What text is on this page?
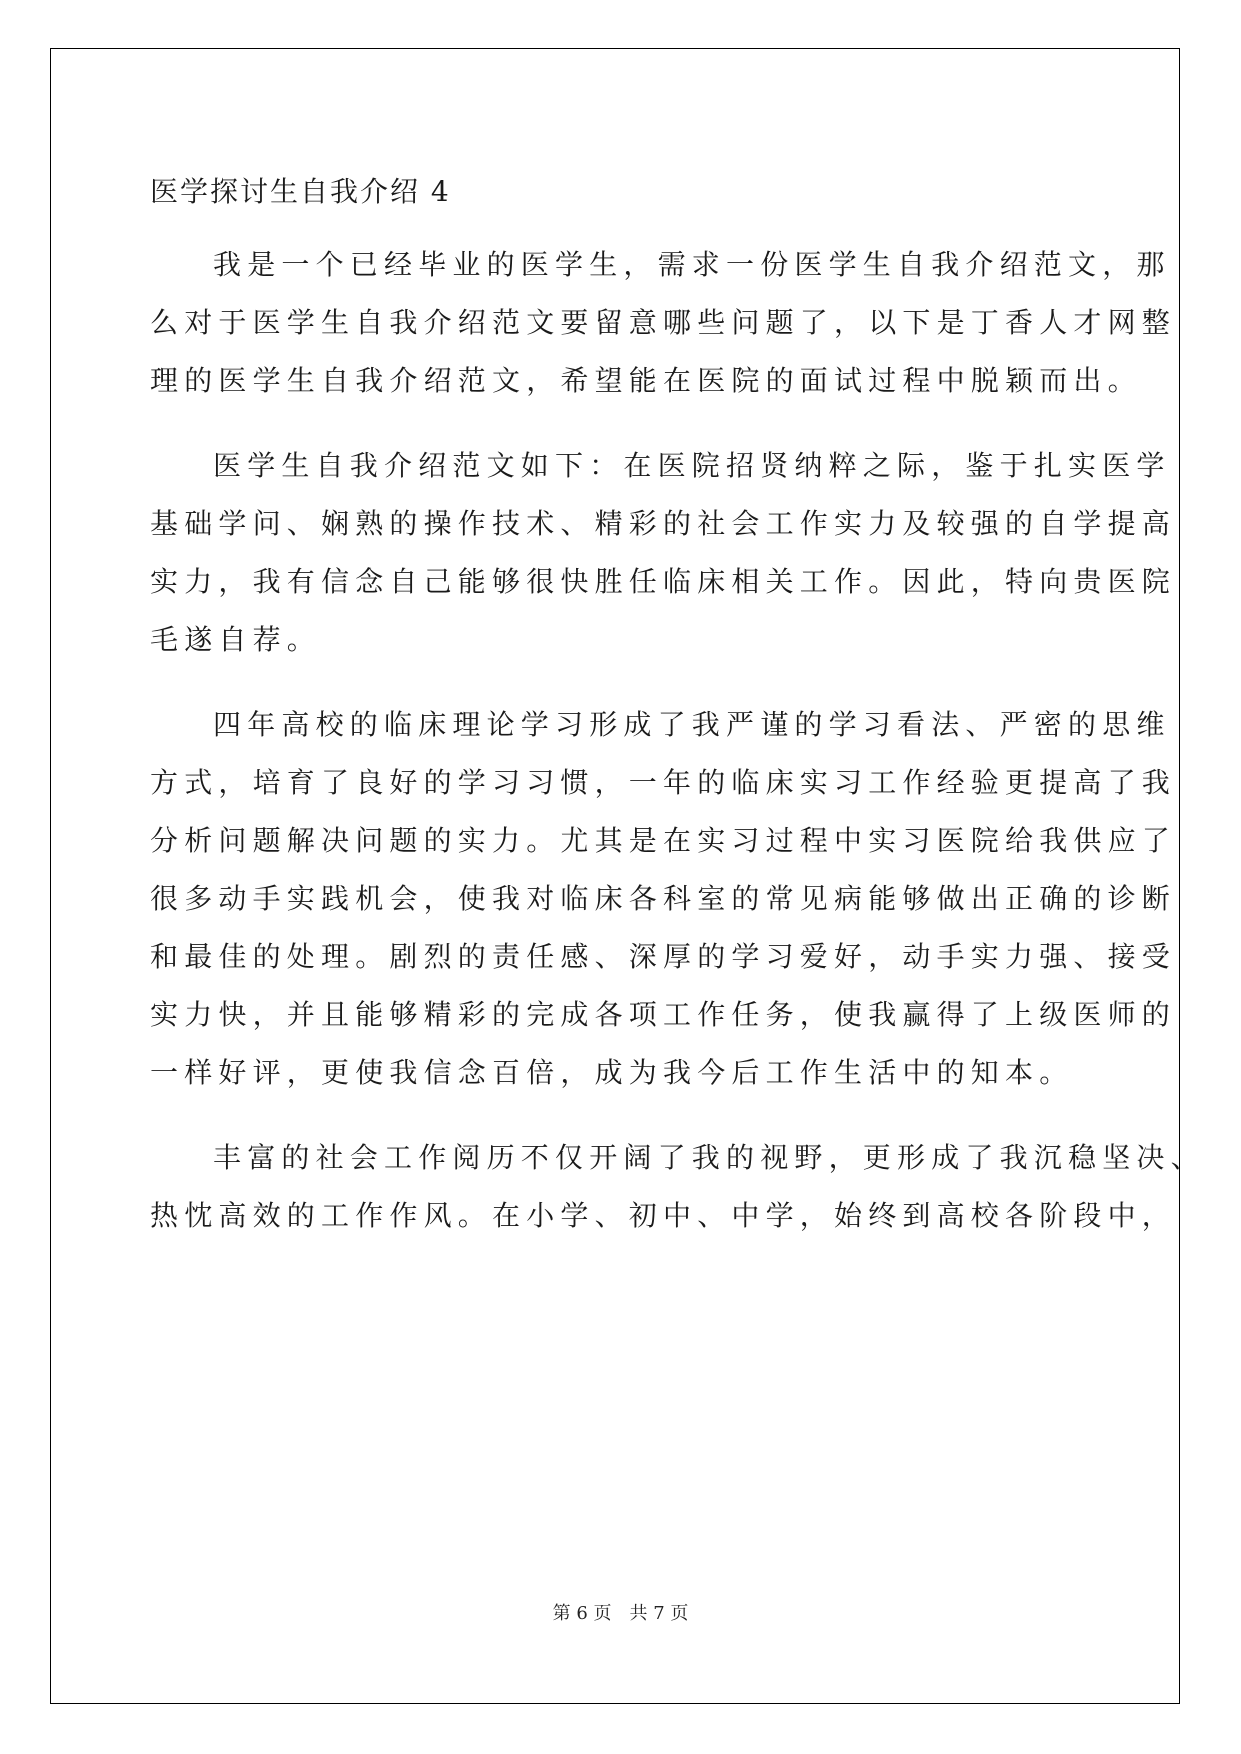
医学探讨生自我介绍 4
我是一个已经毕业的医学生，需求一份医学生自我介绍范文，那
么对于医学生自我介绍范文要留意哪些问题了，以下是丁香人才网整
理的医学生自我介绍范文，希望能在医院的面试过程中脱颖而出。
医学生自我介绍范文如下：在医院招贤纳粹之际，鉴于扎实医学
基础学问、娴熟的操作技术、精彩的社会工作实力及较强的自学提高
实力，我有信念自己能够很快胜任临床相关工作。因此，特向贵医院
毛遂自荐。
四年高校的临床理论学习形成了我严谨的学习看法、严密的思维
方式，培育了良好的学习习惯，一年的临床实习工作经验更提高了我
分析问题解决问题的实力。尤其是在实习过程中实习医院给我供应了
很多动手实践机会，使我对临床各科室的常见病能够做出正确的诊断
和最佳的处理。剧烈的责任感、深厚的学习爱好，动手实力强、接受
实力快，并且能够精彩的完成各项工作任务，使我赢得了上级医师的
一样好评，更使我信念百倍，成为我今后工作生活中的知本。
丰富的社会工作阅历不仅开阔了我的视野，更形成了我沉稳坚决、
热忱高效的工作作风。在小学、初中、中学，始终到高校各阶段中，
第 6 页 共 7 页
